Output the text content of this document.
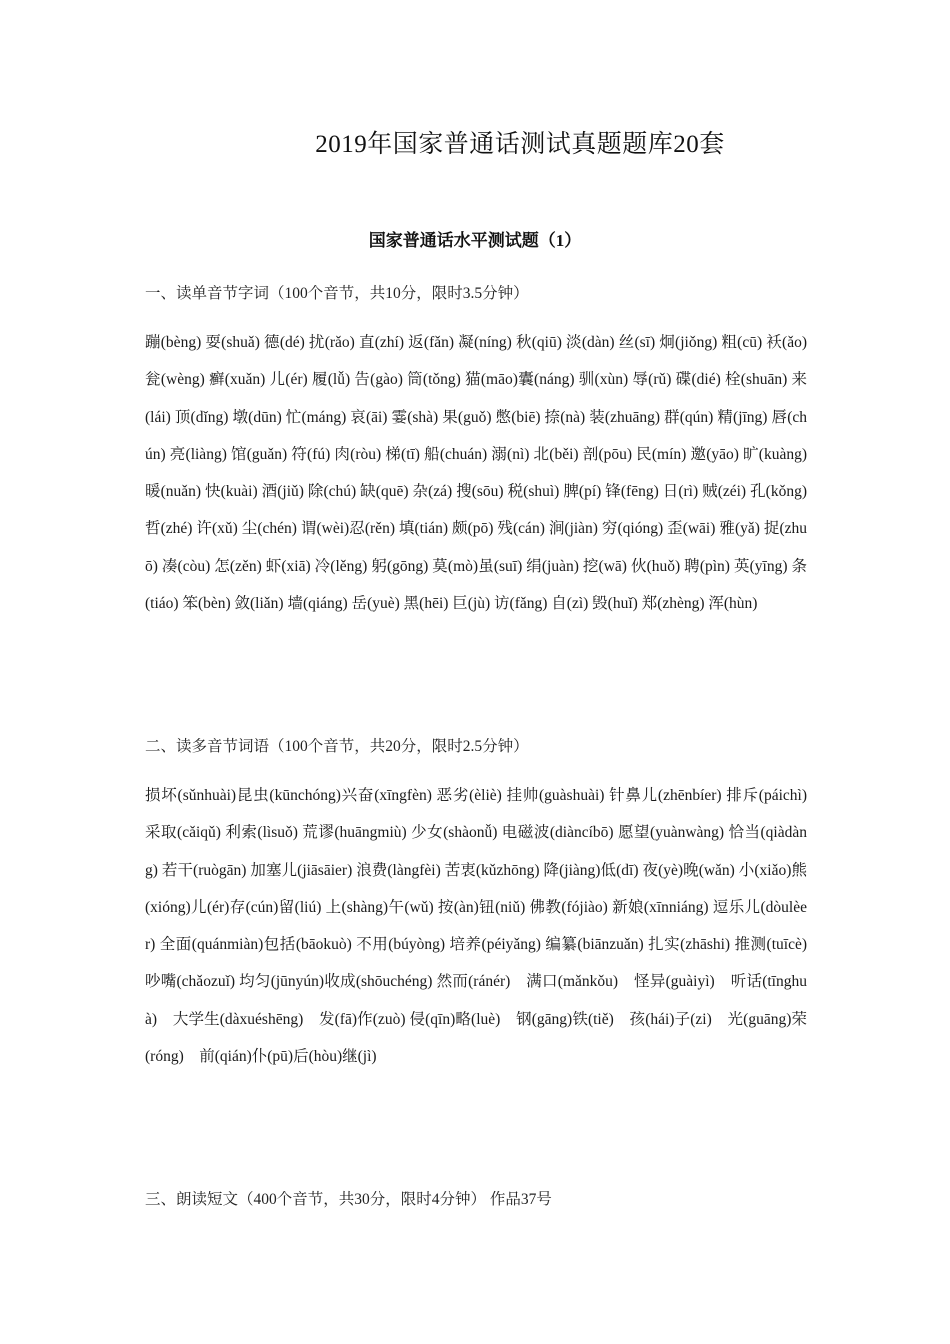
2019年国家普通话测试真题题库20套
国家普通话水平测试题（1）
一、读单音节字词（100个音节，共10分，限时3.5分钟）
蹦(bèng) 耍(shuǎ) 德(dé) 扰(rǎo) 直(zhí) 返(fǎn) 凝(níng) 秋(qiū) 淡(dàn) 丝(sī) 炯(jiǒng) 粗(cū) 袄(ǎo) 瓮(wèng) 癣(xuǎn) 儿(ér) 履(lǚ) 告(gào) 筒(tǒng) 猫(māo)囊(náng) 驯(xùn) 辱(rǔ) 碟(dié) 栓(shuān) 来(lái) 顶(dǐng) 墩(dūn) 忙(máng) 哀(āi) 霎(shà) 果(guǒ) 憋(biē) 捺(nà) 装(zhuāng) 群(qún) 精(jīng) 唇(chún) 亮(liàng) 馆(guǎn) 符(fú) 肉(ròu) 梯(tī) 船(chuán) 溺(nì) 北(běi) 剖(pōu) 民(mín) 邀(yāo) 旷(kuàng) 暖(nuǎn) 快(kuài) 酒(jiǔ) 除(chú) 缺(quē) 杂(zá) 搜(sōu) 税(shuì) 脾(pí) 锋(fēng) 日(rì) 贼(zéi) 孔(kǒng) 哲(zhé) 许(xǔ) 尘(chén) 谓(wèi)忍(rěn) 填(tián) 颇(pō) 残(cán) 涧(jiàn) 穷(qióng) 歪(wāi) 雅(yǎ) 捉(zhuō) 凑(còu) 怎(zěn) 虾(xiā) 冷(lěng) 躬(gōng) 莫(mò)虽(suī) 绢(juàn) 挖(wā) 伙(huǒ) 聘(pìn) 英(yīng) 条(tiáo) 笨(bèn) 敛(liǎn) 墙(qiáng) 岳(yuè) 黑(hēi) 巨(jù) 访(fǎng) 自(zì) 毁(huǐ) 郑(zhèng) 浑(hùn)
二、读多音节词语（100个音节，共20分，限时2.5分钟）
损坏(sǔnhuài)昆虫(kūnchóng)兴奋(xīngfèn) 恶劣(èliè) 挂帅(guàshuài) 针鼻儿(zhēnbíer) 排斥(páichì) 采取(cǎiqǔ) 利索(lìsuǒ) 荒谬(huāngmiù) 少女(shàonǚ) 电磁波(diàncíbō) 愿望(yuànwàng) 恰当(qiàdàng) 若干(ruògān) 加塞儿(jiāsāier) 浪费(làngfèi) 苦衷(kǔzhōng) 降(jiàng)低(dī) 夜(yè)晚(wǎn) 小(xiǎo)熊(xióng)儿(ér)存(cún)留(liú) 上(shàng)午(wǔ) 按(àn)钮(niǔ) 佛教(fójiào) 新娘(xīnniáng) 逗乐儿(dòulèer) 全面(quánmiàn)包括(bāokuò) 不用(búyòng) 培养(péiyǎng) 编纂(biānzuǎn) 扎实(zhāshi) 推测(tuīcè) 吵嘴(chǎozuǐ) 均匀(jūnyún)收成(shōuchéng) 然而(ránér)　满口(mǎnkǒu)　怪异(guàiyì)　听话(tīnghuà)　大学生(dàxuéshēng)　发(fā)作(zuò) 侵(qīn)略(luè)　钢(gāng)铁(tiě)　孩(hái)子(zi)　光(guāng)荣(róng)　前(qián)仆(pū)后(hòu)继(jì)
三、朗读短文（400个音节，共30分，限时4分钟） 作品37号
